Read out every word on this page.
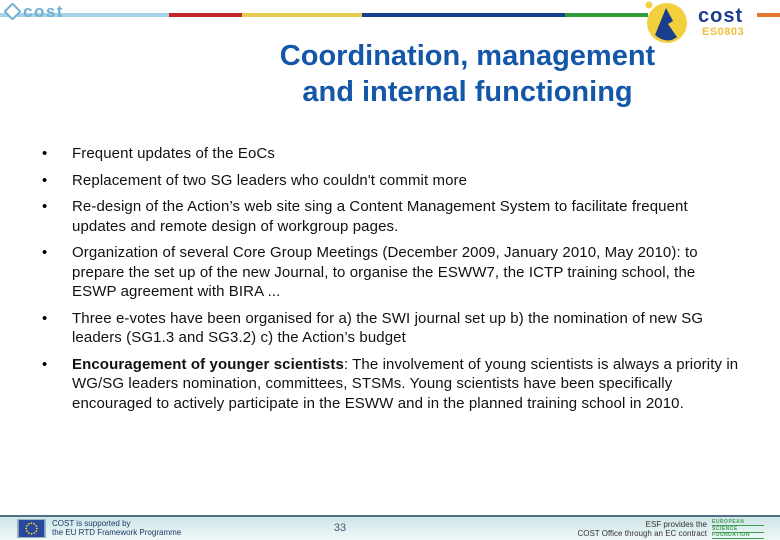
cost	cost
ES0803
Coordination, management
and internal functioning
•	Frequent updates of the EoCs
•	Replacement of two SG leaders who couldn't commit more
•	Re-design of the Action’s web site sing a Content Management System to facilitate frequent updates and remote design of workgroup pages.
•	Organization of several Core Group Meetings (December 2009, January 2010, May 2010): to prepare the set up of the new Journal, to organise the ESWW7, the ICTP training school, the ESWP agreement with BIRA ...
•	Three e-votes have been organised for a) the SWI journal set up b) the nomination of new SG leaders (SG1.3 and SG3.2) c) the Action’s budget
•	Encouragement of younger scientists: The involvement of young scientists is always a priority in WG/SG leaders nomination, committees, STSMs. Young scientists have been specifically encouraged to actively participate in the ESWW and in the planned training school in 2010.
COST is supported by
the EU RTD Framework Programme	33	ESF provides the
COST Office through an EC contract
EUROPEAN
SCIENCE
FOUNDATION
